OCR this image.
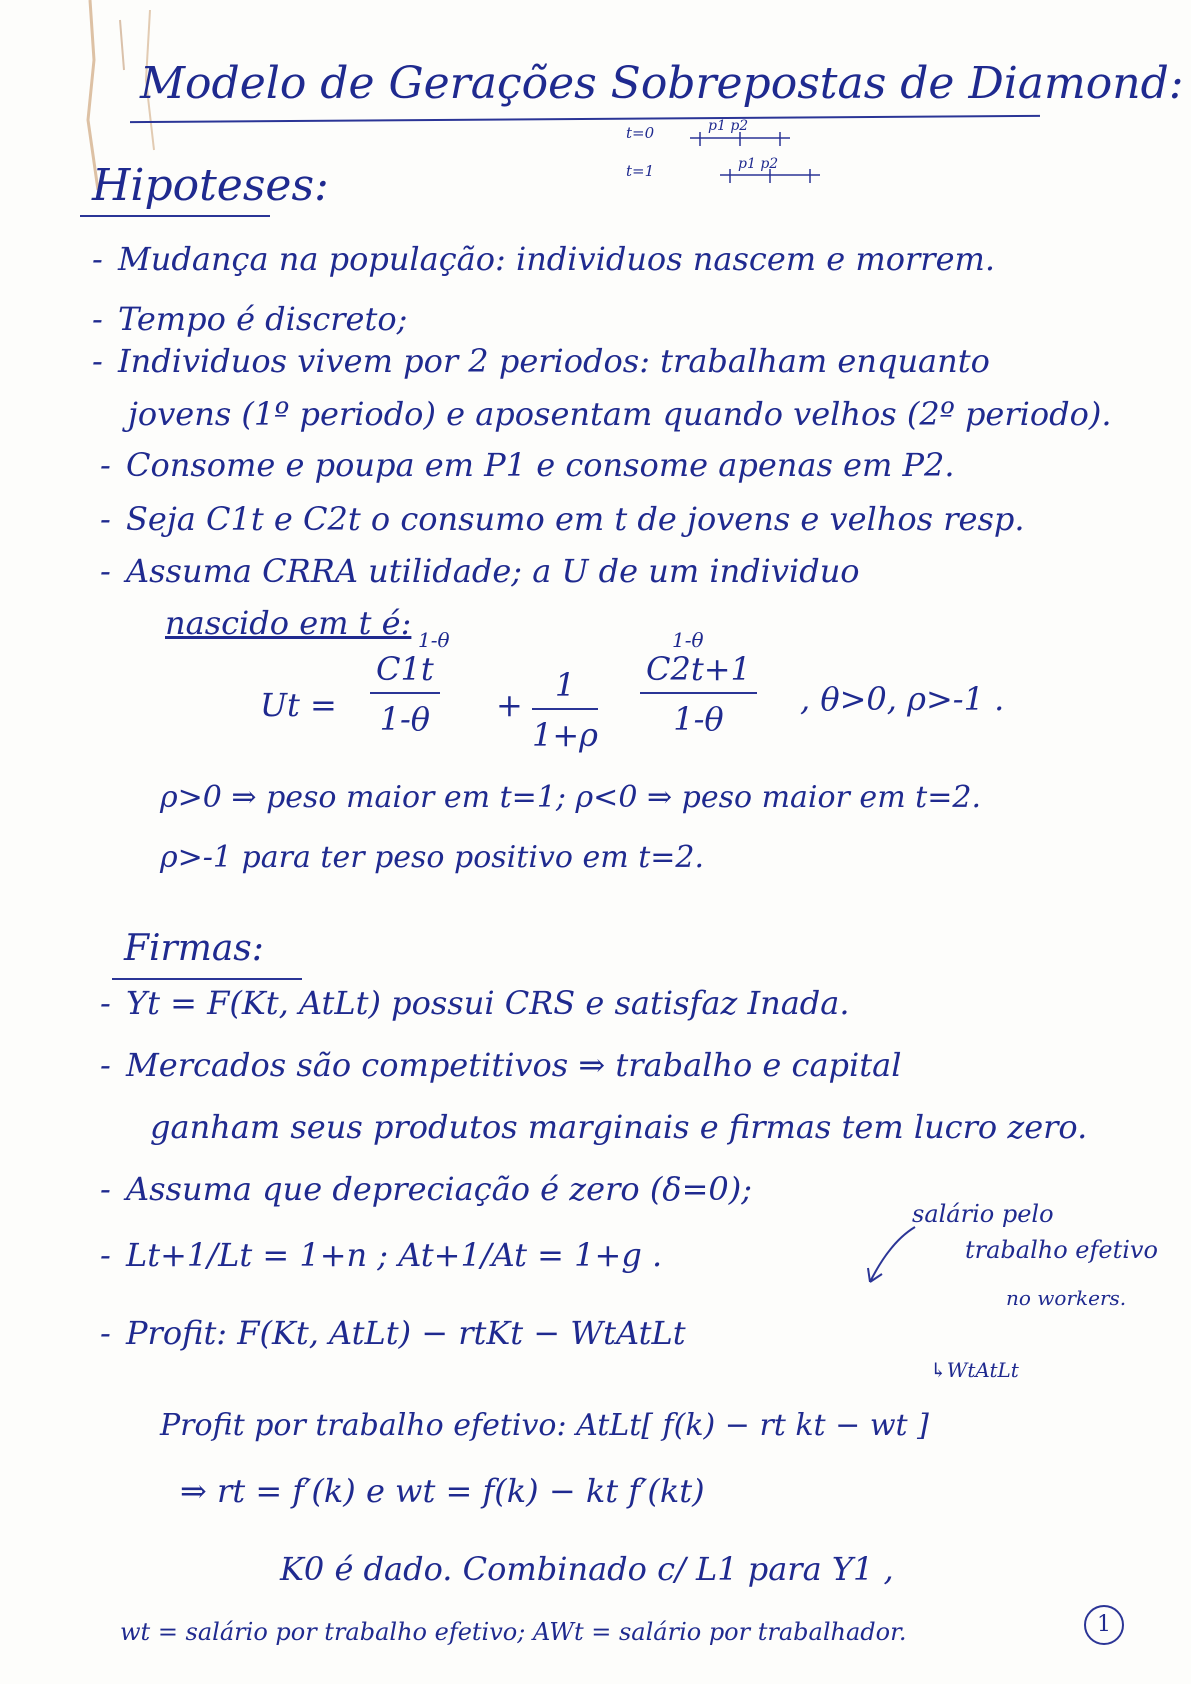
Modelo de Gerações Sobrepostas de Diamond:
t=0	p1 p2
t=1	p1 p2
Hipoteses:
- Mudança na população: individuos nascem e morrem.
- Tempo é discreto;
- Individuos vivem por 2 periodos: trabalham enquanto
jovens (1º periodo) e aposentam quando velhos (2º periodo).
- Consome e poupa em P1 e consome apenas em P2.
- Seja C1t e C2t o consumo em t de jovens e velhos resp.
- Assuma CRRA utilidade; a U de um individuo
nascido em t é:
Ut =
1-θ
$\frac{C1t}{1-\theta} + \frac{1}{1+\rho}$
1-θ
$\frac{C2t+1}{1-\theta}$ , θ>0, ρ>-1 .
ρ>0 ⇒ peso maior em t=1; ρ<0 ⇒ peso maior em t=2.
ρ>-1 para ter peso positivo em t=2.
Firmas:
- Yt = F(Kt, AtLt) possui CRS e satisfaz Inada.
- Mercados são competitivos ⇒ trabalho e capital
ganham seus produtos marginais e firmas tem lucro zero.
- Assuma que depreciação é zero (δ=0);
- Lt+1/Lt = 1+n ; At+1/At = 1+g .
- Profit: F(Kt, AtLt) − rtKt − WtAtLt
salário pelo
trabalho efetivo
no workers.
↳WtAtLt
Profit por trabalho efetivo: AtLt[ f(k) − rt kt − wt ]
⇒ rt = f′(k) e wt = f(k) − kt f′(kt)
K0 é dado. Combinado c/ L1 para Y1 ,
wt = salário por trabalho efetivo; AWt = salário por trabalhador.	1
